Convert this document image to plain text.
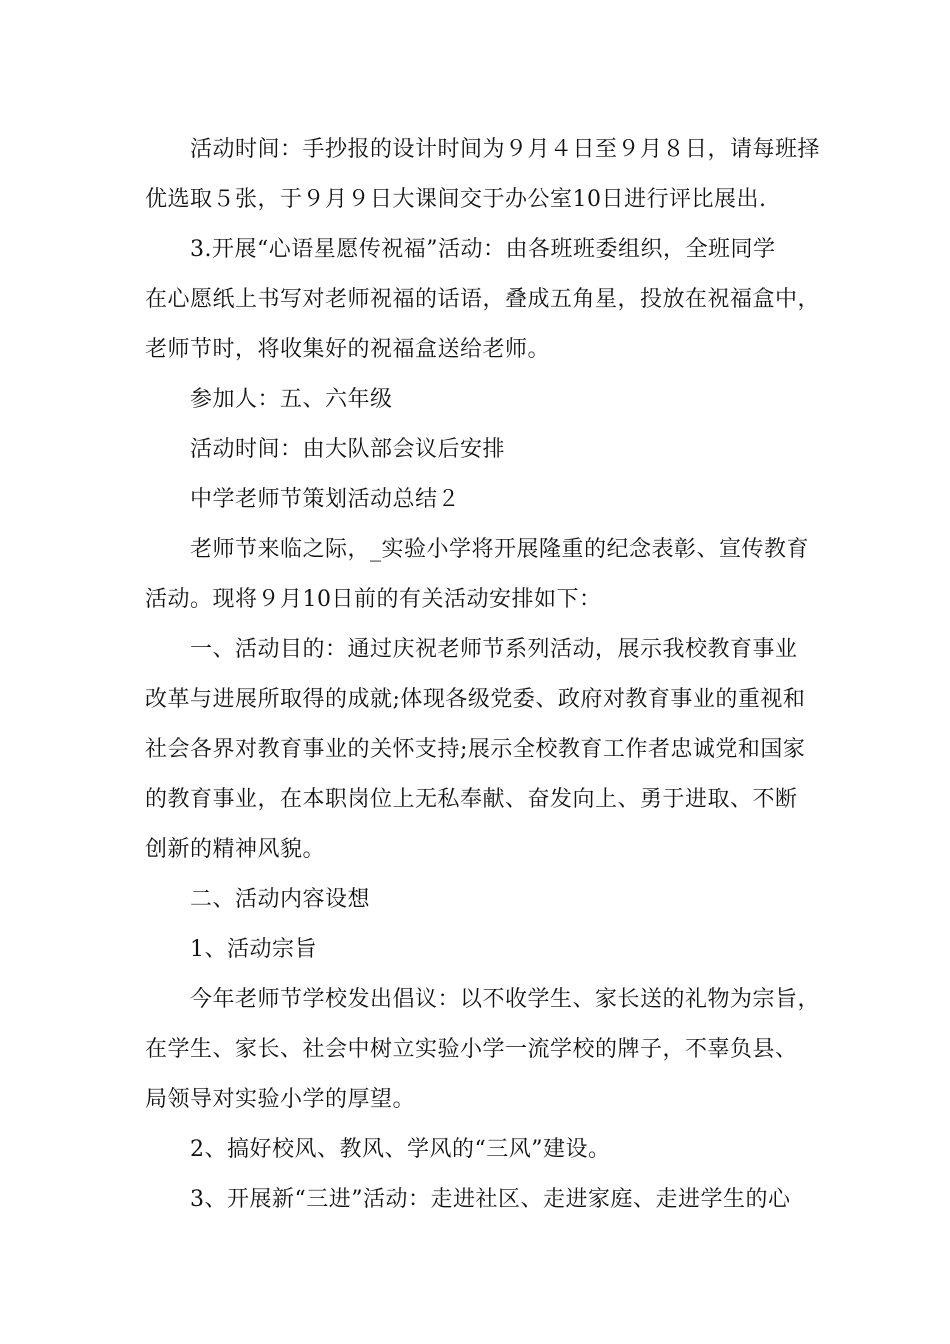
活动时间：手抄报的设计时间为９月４日至９月８日，请每班择
优选取５张，于９月９日大课间交于办公室10日进行评比展出.
3.开展“心语星愿传祝福”活动：由各班班委组织，全班同学
在心愿纸上书写对老师祝福的话语，叠成五角星，投放在祝福盒中，
老师节时，将收集好的祝福盒送给老师。
参加人：五、六年级
活动时间：由大队部会议后安排
中学老师节策划活动总结２
老师节来临之际，_实验小学将开展隆重的纪念表彰、宣传教育
活动。现将９月10日前的有关活动安排如下：
一、活动目的：通过庆祝老师节系列活动，展示我校教育事业
改革与进展所取得的成就;体现各级党委、政府对教育事业的重视和
社会各界对教育事业的关怀支持;展示全校教育工作者忠诚党和国家
的教育事业，在本职岗位上无私奉献、奋发向上、勇于进取、不断
创新的精神风貌。
二、活动内容设想
1、活动宗旨
今年老师节学校发出倡议：以不收学生、家长送的礼物为宗旨，
在学生、家长、社会中树立实验小学一流学校的牌子，不辜负县、
局领导对实验小学的厚望。
2、搞好校风、教风、学风的“三风”建设。
3、开展新“三进”活动：走进社区、走进家庭、走进学生的心
